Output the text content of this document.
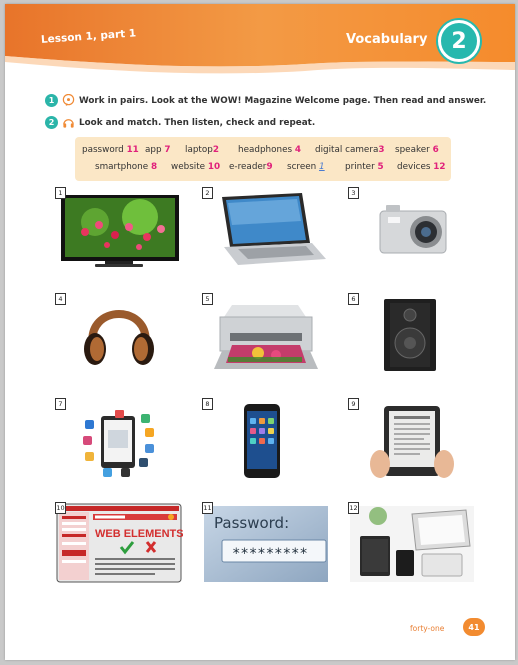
Lesson 1, part 1	Vocabulary	2
1	Work in pairs. Look at the WOW! Magazine Welcome page. Then read and answer.
2	Look and match. Then listen, check and repeat.
password 11 app 7 laptop2 headphones 4 digital camera3 speaker 6
smartphone 8 website 10 e-reader9 screen 1 printer 5 devices 12
1	2	3
4	5	6
7	8	9
10
WEB ELEMENTS
11
Password:
*********
12
forty-one	41
